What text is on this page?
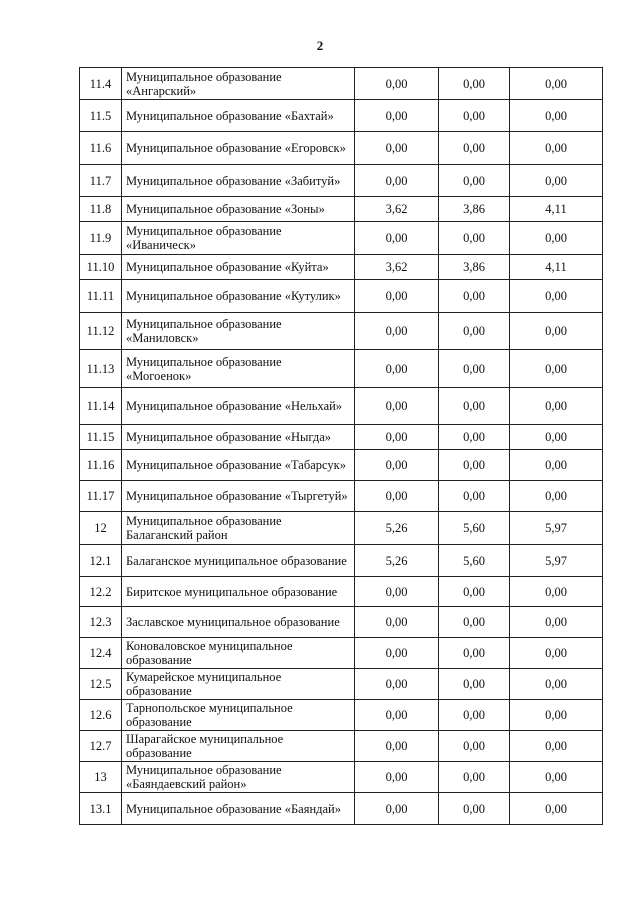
2
11.4	Муниципальное образование «Ангарский»	0,00	0,00	0,00
11.5	Муниципальное образование «Бахтай»	0,00	0,00	0,00
11.6	Муниципальное образование «Егоровск»	0,00	0,00	0,00
11.7	Муниципальное образование «Забитуй»	0,00	0,00	0,00
11.8	Муниципальное образование «Зоны»	3,62	3,86	4,11
11.9	Муниципальное образование «Иваническ»	0,00	0,00	0,00
11.10	Муниципальное образование «Куйта»	3,62	3,86	4,11
11.11	Муниципальное образование «Кутулик»	0,00	0,00	0,00
11.12	Муниципальное образование «Маниловск»	0,00	0,00	0,00
11.13	Муниципальное образование «Могоенок»	0,00	0,00	0,00
11.14	Муниципальное образование «Нельхай»	0,00	0,00	0,00
11.15	Муниципальное образование «Ныгда»	0,00	0,00	0,00
11.16	Муниципальное образование «Табарсук»	0,00	0,00	0,00
11.17	Муниципальное образование «Тыргетуй»	0,00	0,00	0,00
12	Муниципальное образование Балаганский район	5,26	5,60	5,97
12.1	Балаганское муниципальное образование	5,26	5,60	5,97
12.2	Биритское муниципальное образование	0,00	0,00	0,00
12.3	Заславское муниципальное образование	0,00	0,00	0,00
12.4	Коноваловское муниципальное образование	0,00	0,00	0,00
12.5	Кумарейское муниципальное образование	0,00	0,00	0,00
12.6	Тарнопольское муниципальное образование	0,00	0,00	0,00
12.7	Шарагайское муниципальное образование	0,00	0,00	0,00
13	Муниципальное образование «Баяндаевский район»	0,00	0,00	0,00
13.1	Муниципальное образование «Баяндай»	0,00	0,00	0,00
